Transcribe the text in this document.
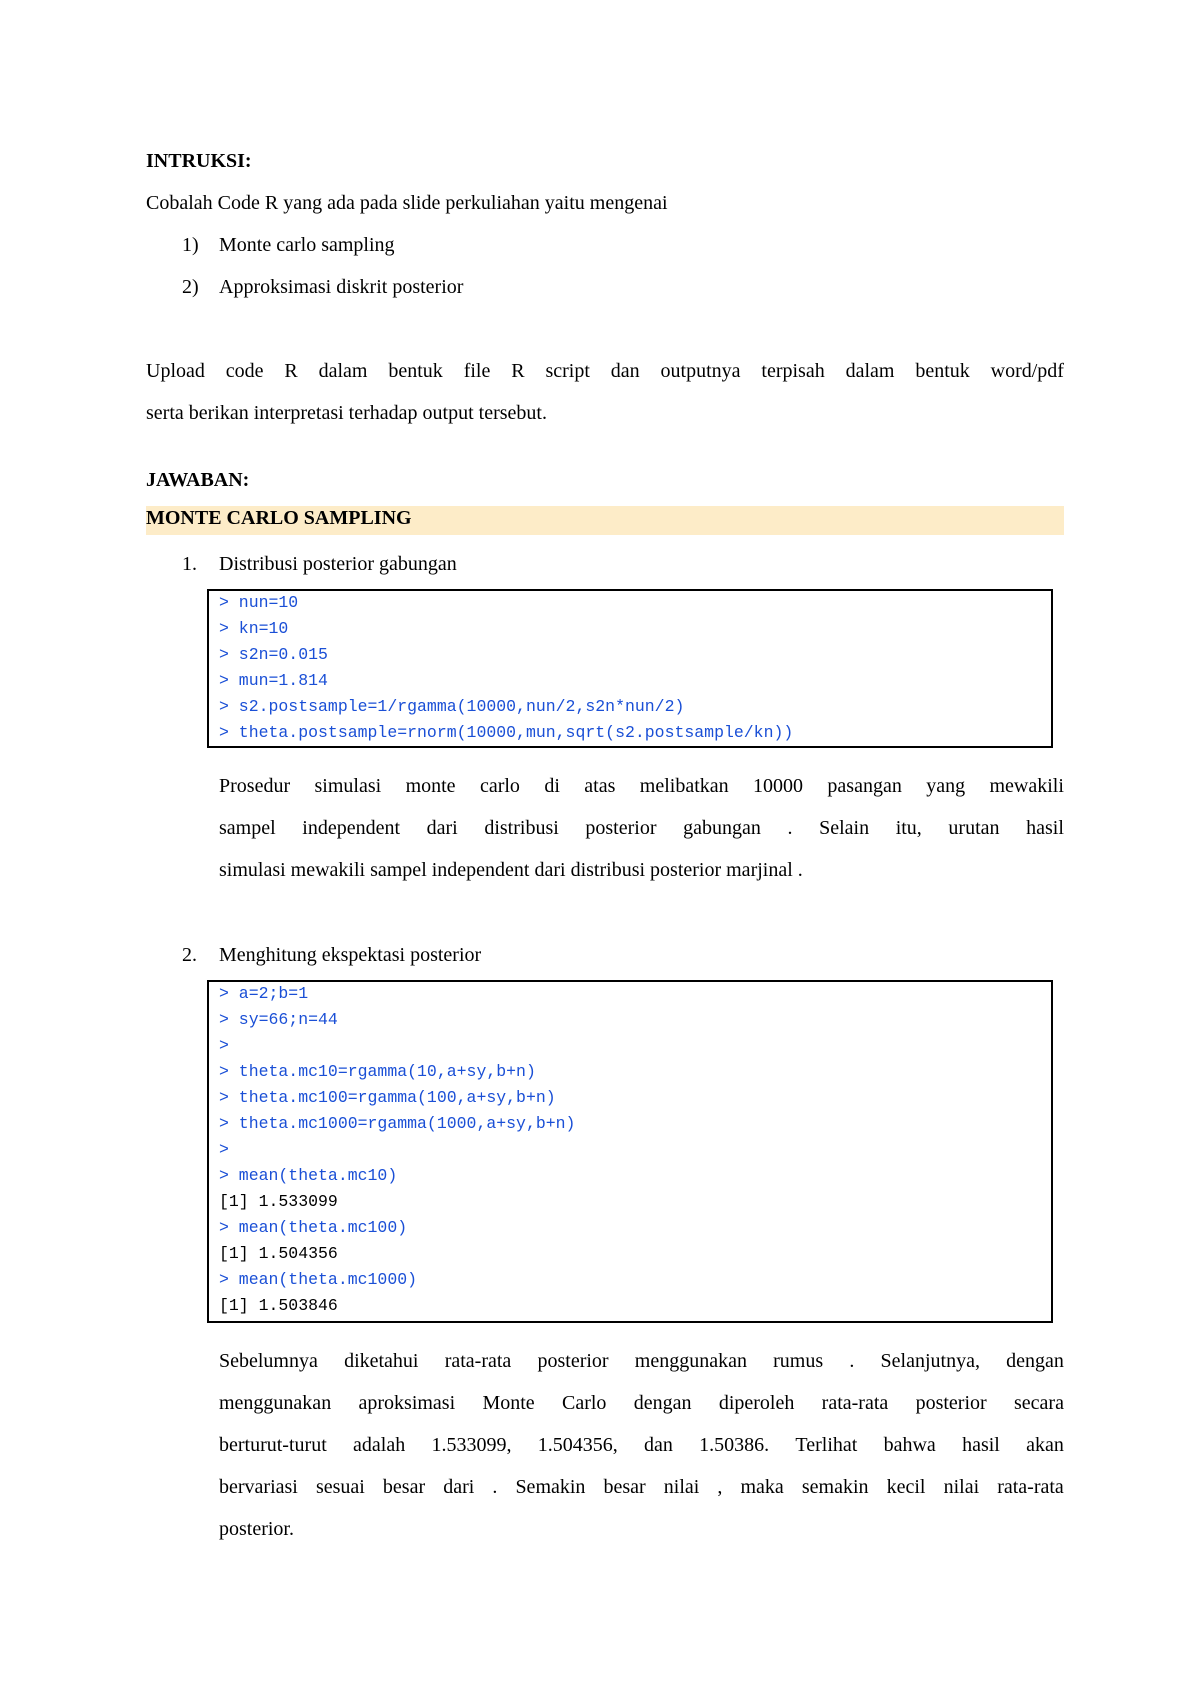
INTRUKSI:
Cobalah Code R yang ada pada slide perkuliahan yaitu mengenai
1) Monte carlo sampling
2) Approksimasi diskrit posterior
Upload code R dalam bentuk file R script dan outputnya terpisah dalam bentuk word/pdf
serta berikan interpretasi terhadap output tersebut.
JAWABAN:
MONTE CARLO SAMPLING
1. Distribusi posterior gabungan
> nun=10
> kn=10
> s2n=0.015
> mun=1.814
> s2.postsample=1/rgamma(10000,nun/2,s2n*nun/2)
> theta.postsample=rnorm(10000,mun,sqrt(s2.postsample/kn))
Prosedur simulasi monte carlo di atas melibatkan 10000 pasangan yang mewakili
sampel independent dari distribusi posterior gabungan . Selain itu, urutan hasil
simulasi mewakili sampel independent dari distribusi posterior marjinal .
2. Menghitung ekspektasi posterior
> a=2;b=1
> sy=66;n=44
>
> theta.mc10=rgamma(10,a+sy,b+n)
> theta.mc100=rgamma(100,a+sy,b+n)
> theta.mc1000=rgamma(1000,a+sy,b+n)
>
> mean(theta.mc10)
[1] 1.533099
> mean(theta.mc100)
[1] 1.504356
> mean(theta.mc1000)
[1] 1.503846
Sebelumnya diketahui rata-rata posterior menggunakan rumus . Selanjutnya, dengan
menggunakan aproksimasi Monte Carlo dengan diperoleh rata-rata posterior secara
berturut-turut adalah 1.533099, 1.504356, dan 1.50386. Terlihat bahwa hasil akan
bervariasi sesuai besar dari . Semakin besar nilai , maka semakin kecil nilai rata-rata
posterior.
